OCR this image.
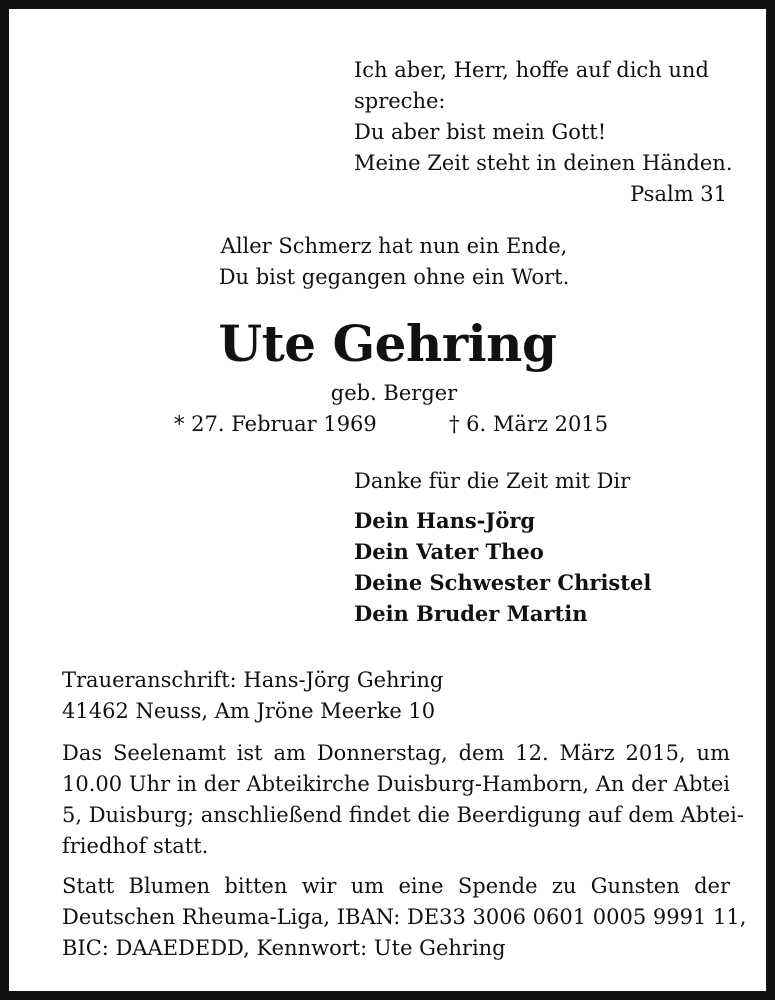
Ich aber, Herr, hoffe auf dich und
spreche:
Du aber bist mein Gott!
Meine Zeit steht in deinen Händen.
Psalm 31
Aller Schmerz hat nun ein Ende,
Du bist gegangen ohne ein Wort.
Ute Gehring
geb. Berger
* 27. Februar 1969	† 6. März 2015
Danke für die Zeit mit Dir
Dein Hans-Jörg
Dein Vater Theo
Deine Schwester Christel
Dein Bruder Martin
Traueranschrift: Hans-Jörg Gehring
41462 Neuss, Am Jröne Meerke 10
Das Seelenamt ist am Donnerstag, dem 12. März 2015, um
10.00 Uhr in der Abteikirche Duisburg-Hamborn, An der Abtei
5, Duisburg; anschließend findet die Beerdigung auf dem Abtei-
friedhof statt.
Statt Blumen bitten wir um eine Spende zu Gunsten der
Deutschen Rheuma-Liga, IBAN: DE33 3006 0601 0005 9991 11,
BIC: DAAEDEDD, Kennwort: Ute Gehring
